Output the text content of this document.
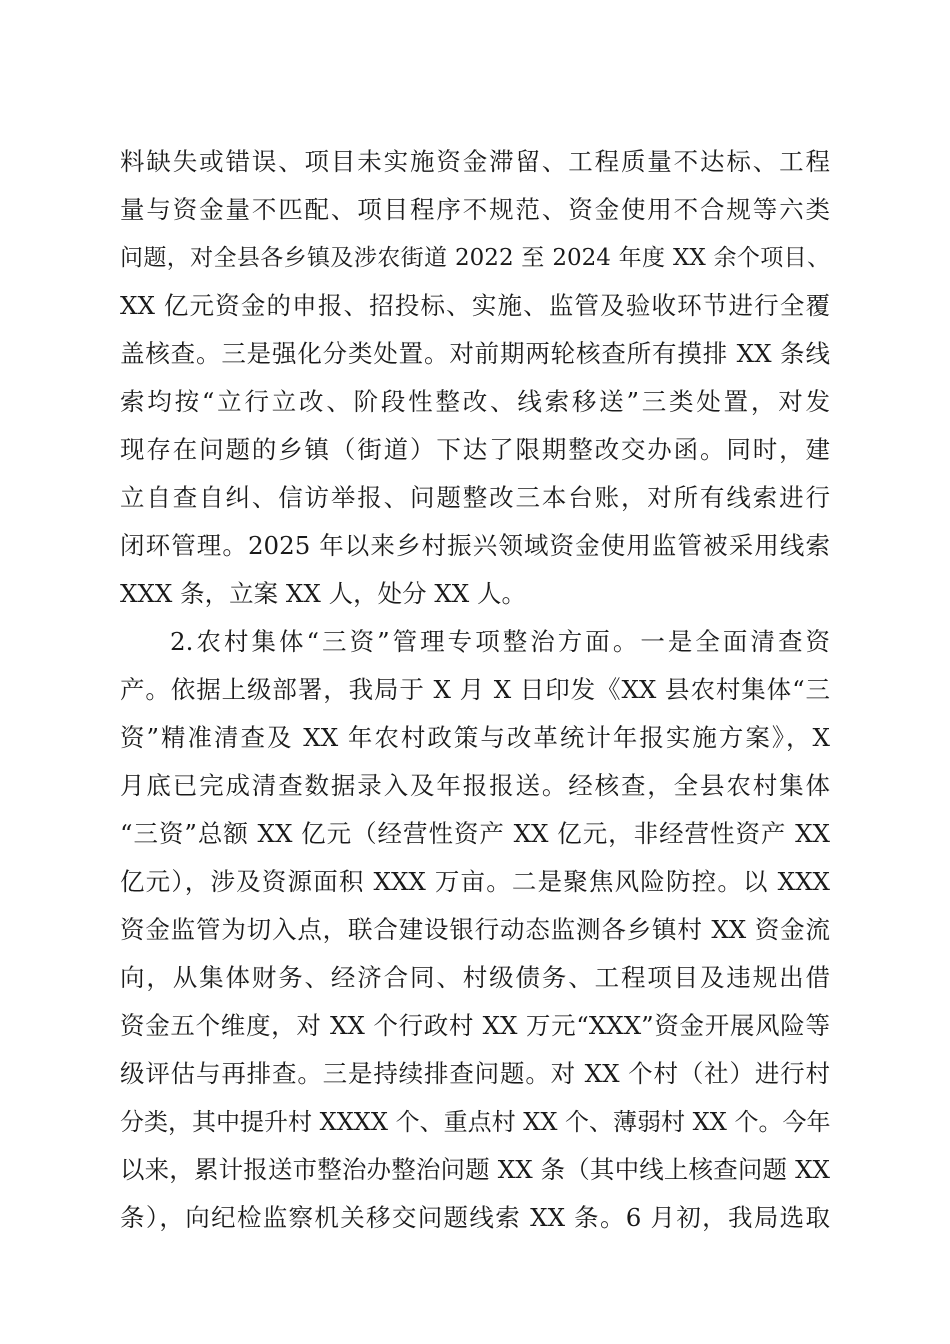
料缺失或错误、项目未实施资金滞留、工程质量不达标、工程
量与资金量不匹配、项目程序不规范、资金使用不合规等六类
问题，对全县各乡镇及涉农街道 2022 至 2024 年度 XX 余个项目、
XX 亿元资金的申报、招投标、实施、监管及验收环节进行全覆
盖核查。三是强化分类处置。对前期两轮核查所有摸排 XX 条线
索均按“立行立改、阶段性整改、线索移送”三类处置，对发
现存在问题的乡镇（街道）下达了限期整改交办函。同时，建
立自查自纠、信访举报、问题整改三本台账，对所有线索进行
闭环管理。2025 年以来乡村振兴领域资金使用监管被采用线索
XXX 条，立案 XX 人，处分 XX 人。
2.农村集体“三资”管理专项整治方面。一是全面清查资
产。依据上级部署，我局于 X 月 X 日印发《XX 县农村集体“三
资”精准清查及 XX 年农村政策与改革统计年报实施方案》，X
月底已完成清查数据录入及年报报送。经核查，全县农村集体
“三资”总额 XX 亿元（经营性资产 XX 亿元，非经营性资产 XX
亿元），涉及资源面积 XXX 万亩。二是聚焦风险防控。以 XXX
资金监管为切入点，联合建设银行动态监测各乡镇村 XX 资金流
向，从集体财务、经济合同、村级债务、工程项目及违规出借
资金五个维度，对 XX 个行政村 XX 万元“XXX”资金开展风险等
级评估与再排查。三是持续排查问题。对 XX 个村（社）进行村
分类，其中提升村 XXXX 个、重点村 XX 个、薄弱村 XX 个。今年
以来，累计报送市整治办整治问题 XX 条（其中线上核查问题 XX
条），向纪检监察机关移交问题线索 XX 条。6 月初，我局选取
